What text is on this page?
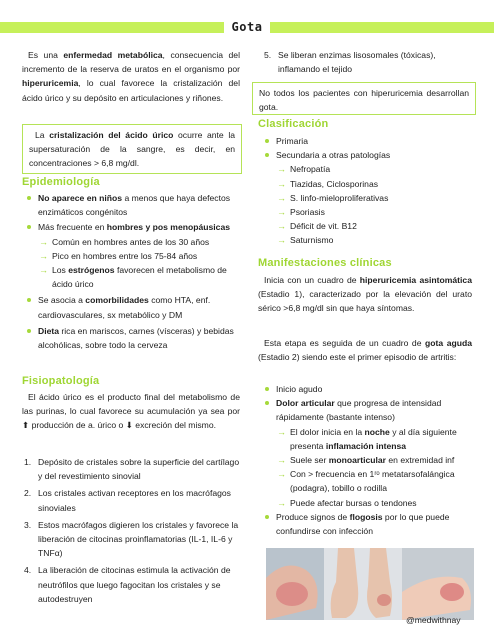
Gota

Es una enfermedad metabólica, consecuencia del incremento de la reserva de uratos en el organismo por hiperuricemia, lo cual favorece la cristalización del ácido úrico y su depósito en articulaciones y riñones.

La cristalización del ácido úrico ocurre ante la supersaturación de la sangre, es decir, en concentraciones > 6,8 mg/dl.
Epidemiología
No aparece en niños a menos que haya defectos enzimáticos congénitos
Más frecuente en hombres y pos menopáusicas
→ Común en hombres antes de los 30 años
→ Pico en hombres entre los 75-84 años
→ Los estrógenos favorecen el metabolismo de ácido úrico
Se asocia a comorbilidades como HTA, enf. cardiovasculares, sx metabólico y DM
Dieta rica en mariscos, carnes (vísceras) y bebidas alcohólicas, sobre todo la cerveza
Fisiopatología

El ácido úrico es el producto final del metabolismo de las purinas, lo cual favorece su acumulación ya sea por ⬆ producción de a. úrico o ⬇ excreción del mismo.

1. Depósito de cristales sobre la superficie del cartílago y del revestimiento sinovial
2. Los cristales activan receptores en los macrófagos sinoviales
3. Estos macrófagos digieren los cristales y favorece la liberación de citocinas proinflamatorias (IL-1, IL-6 y TNFα)
4. La liberación de citocinas estimula la activación de neutrófilos que luego fagocitan los cristales y se autodestruyen
5. Se liberan enzimas lisosomales (tóxicas), inflamando el tejido
No todos los pacientes con hiperuricemia desarrollan gota.
Clasificación
Primaria
Secundaria a otras patologías
→ Nefropatía
→ Tiazidas, Ciclosporinas
→ S. linfo-mieloproliferativas
→ Psoriasis
→ Déficit de vit. B12
→ Saturnismo
Manifestaciones clínicas

Inicia con un cuadro de hiperuricemia asintomática (Estadio 1), caracterizado por la elevación del urato sérico >6,8 mg/dl sin que haya síntomas.

Esta etapa es seguida de un cuadro de gota aguda (Estadio 2) siendo este el primer episodio de artritis:

Inicio agudo
Dolor articular que progresa de intensidad rápidamente (bastante intenso)
→ El dolor inicia en la noche y al día siguiente presenta inflamación intensa
→ Suele ser monoarticular en extremidad inf
→ Con > frecuencia en 1ʳᵒ metatarsofalángica (podagra), tobillo o rodilla
→ Puede afectar bursas o tendones
Produce signos de flogosis por lo que puede confundirse con infección
@medwithnay
